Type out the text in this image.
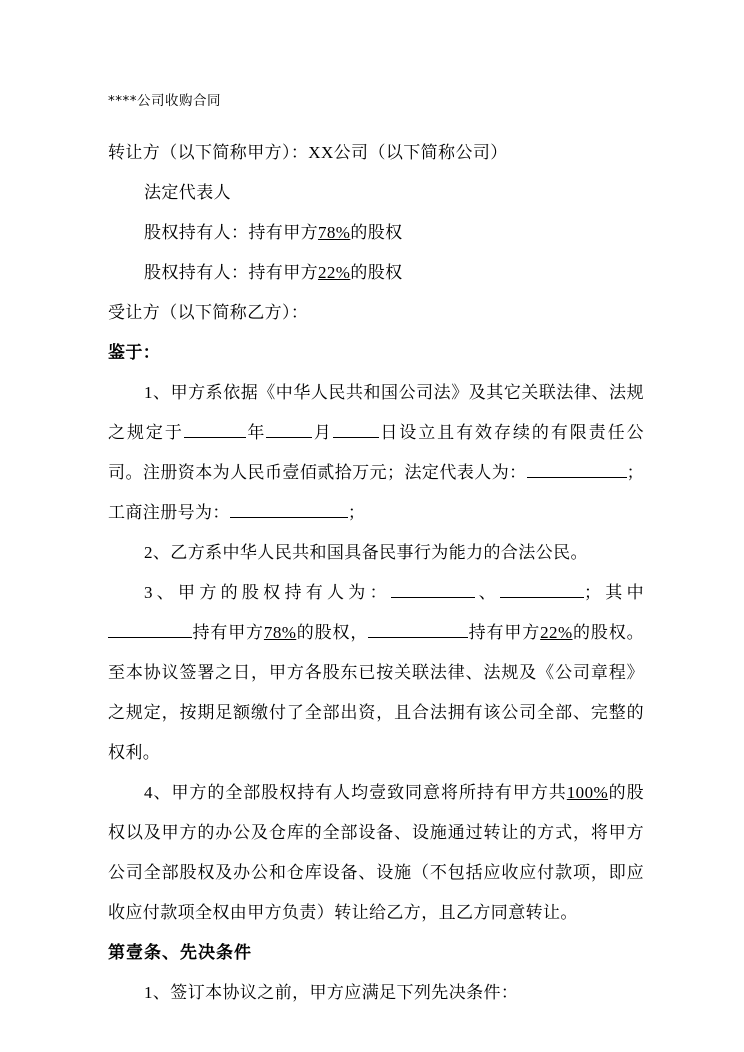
****公司收购合同

转让方（以下简称甲方）：XX公司（以下简称公司）

法定代表人

股权持有人：持有甲方78%的股权

股权持有人：持有甲方22%的股权

受让方（以下简称乙方）：

鉴于：

1、甲方系依据《中华人民共和国公司法》及其它关联法律、法规之规定于	年	月	日设立且有效存续的有限责任公司。注册资本为人民币壹佰贰拾万元；法定代表人为：	；工商注册号为：	；

2、乙方系中华人民共和国具备民事行为能力的合法公民。

3、甲方的股权持有人为：	、	；其中持有甲方78%的股权，	持有甲方22%的股权。至本协议签署之日，甲方各股东已按关联法律、法规及《公司章程》之规定，按期足额缴付了全部出资，且合法拥有该公司全部、完整的权利。

4、甲方的全部股权持有人均壹致同意将所持有甲方共100%的股权以及甲方的办公及仓库的全部设备、设施通过转让的方式，将甲方公司全部股权及办公和仓库设备、设施（不包括应收应付款项，即应收应付款项全权由甲方负责）转让给乙方，且乙方同意转让。

第壹条、先决条件

1、签订本协议之前，甲方应满足下列先决条件：
